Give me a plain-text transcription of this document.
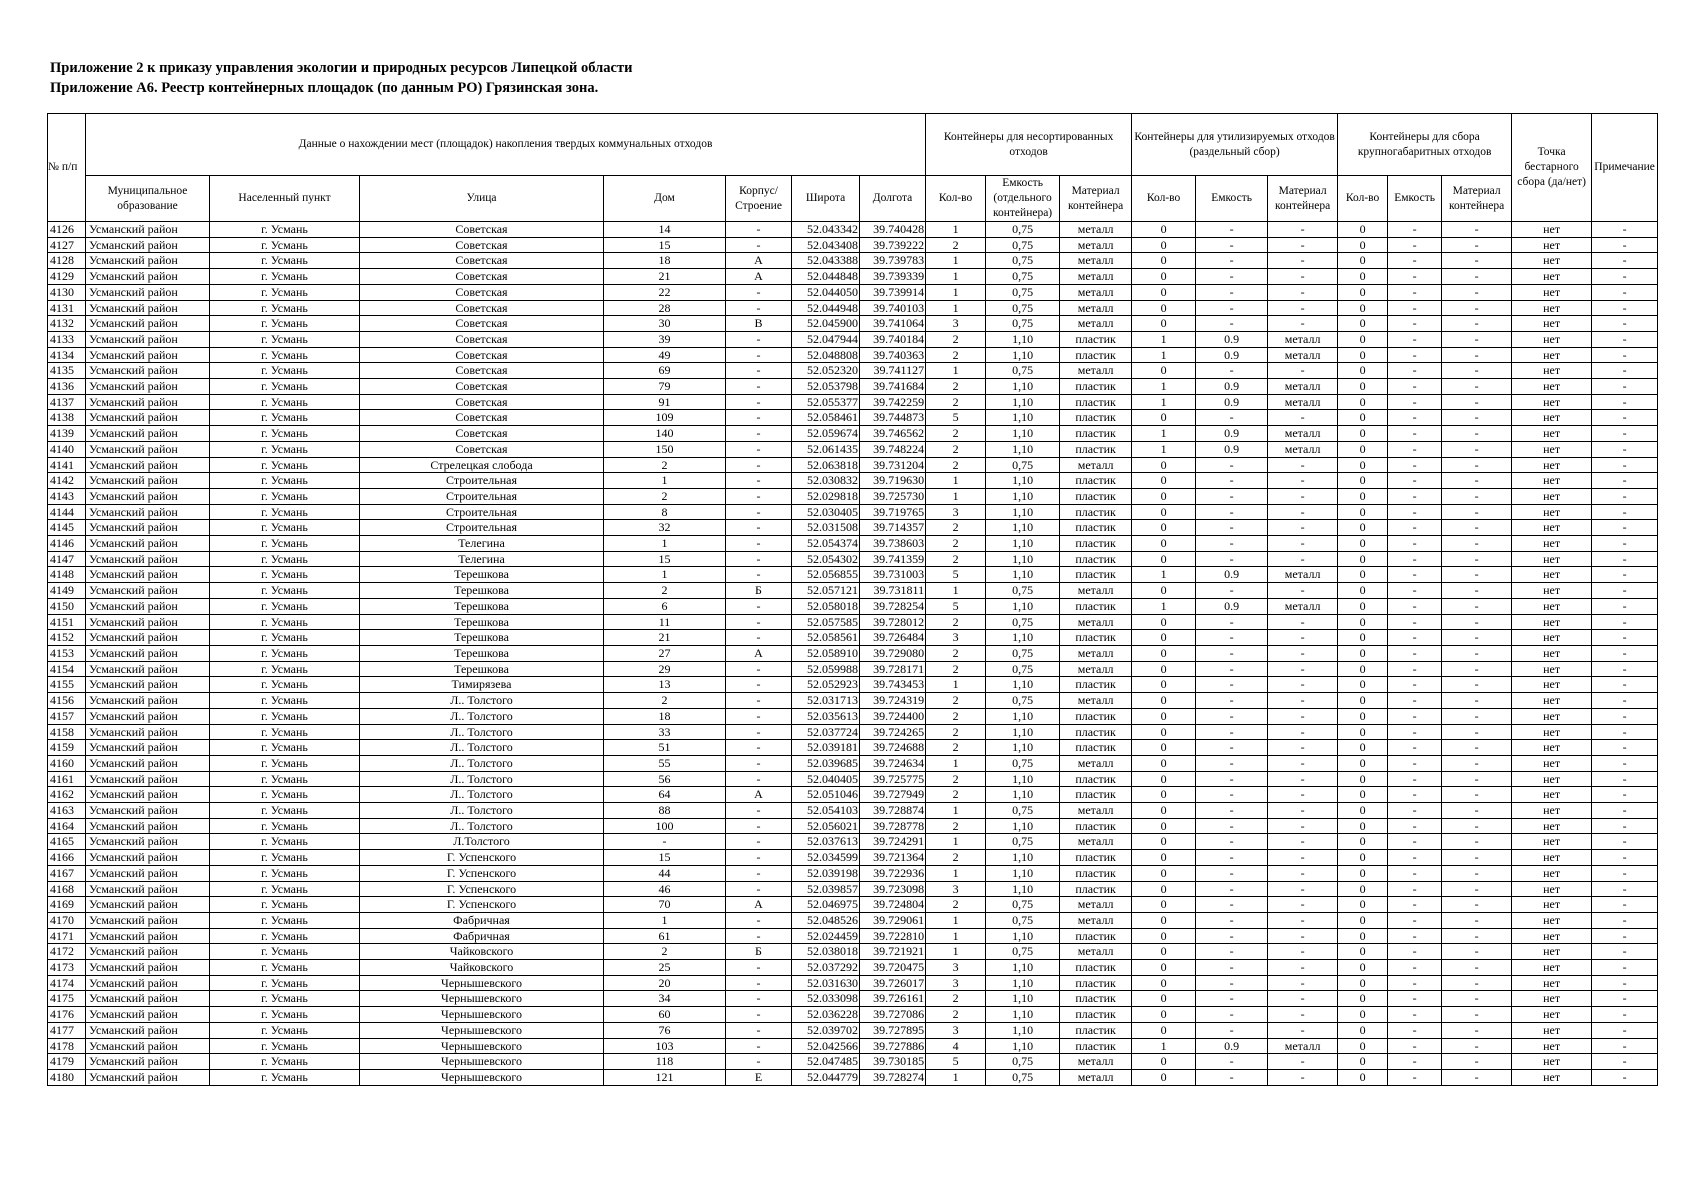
Приложение 2 к приказу управления экологии и природных ресурсов Липецкой области
Приложение А6. Реестр контейнерных площадок (по данным РО) Грязинская зона.
№ п/п	Данные о нахождении мест (площадок) накопления твердых коммунальных отходов							Контейнеры для несортированных отходов			Контейнеры для утилизируемых отходов (раздельный сбор)			Контейнеры для сбора крупногабаритных отходов			Точка бестарного сбора (да/нет)	Примечание
	Муниципальное образование	Населенный пункт	Улица	Дом	Корпус/ Строение	Широта	Долгота	Кол-во	Емкость (отдельного контейнера)	Материал контейнера	Кол-во	Емкость	Материал контейнера	Кол-во	Емкость	Материал контейнера		
4126	Усманский район	г. Усмань	Советская	14	-	52.043342	39.740428	1	0,75	металл	0	-	-	0	-	-	нет	-
4127	Усманский район	г. Усмань	Советская	15	-	52.043408	39.739222	2	0,75	металл	0	-	-	0	-	-	нет	-
4128	Усманский район	г. Усмань	Советская	18	А	52.043388	39.739783	1	0,75	металл	0	-	-	0	-	-	нет	-
4129	Усманский район	г. Усмань	Советская	21	А	52.044848	39.739339	1	0,75	металл	0	-	-	0	-	-	нет	-
4130	Усманский район	г. Усмань	Советская	22	-	52.044050	39.739914	1	0,75	металл	0	-	-	0	-	-	нет	-
4131	Усманский район	г. Усмань	Советская	28	-	52.044948	39.740103	1	0,75	металл	0	-	-	0	-	-	нет	-
4132	Усманский район	г. Усмань	Советская	30	В	52.045900	39.741064	3	0,75	металл	0	-	-	0	-	-	нет	-
4133	Усманский район	г. Усмань	Советская	39	-	52.047944	39.740184	2	1,10	пластик	1	0.9	металл	0	-	-	нет	-
4134	Усманский район	г. Усмань	Советская	49	-	52.048808	39.740363	2	1,10	пластик	1	0.9	металл	0	-	-	нет	-
4135	Усманский район	г. Усмань	Советская	69	-	52.052320	39.741127	1	0,75	металл	0	-	-	0	-	-	нет	-
4136	Усманский район	г. Усмань	Советская	79	-	52.053798	39.741684	2	1,10	пластик	1	0.9	металл	0	-	-	нет	-
4137	Усманский район	г. Усмань	Советская	91	-	52.055377	39.742259	2	1,10	пластик	1	0.9	металл	0	-	-	нет	-
4138	Усманский район	г. Усмань	Советская	109	-	52.058461	39.744873	5	1,10	пластик	0	-	-	0	-	-	нет	-
4139	Усманский район	г. Усмань	Советская	140	-	52.059674	39.746562	2	1,10	пластик	1	0.9	металл	0	-	-	нет	-
4140	Усманский район	г. Усмань	Советская	150	-	52.061435	39.748224	2	1,10	пластик	1	0.9	металл	0	-	-	нет	-
4141	Усманский район	г. Усмань	Стрелецкая слобода	2	-	52.063818	39.731204	2	0,75	металл	0	-	-	0	-	-	нет	-
4142	Усманский район	г. Усмань	Строительная	1	-	52.030832	39.719630	1	1,10	пластик	0	-	-	0	-	-	нет	-
4143	Усманский район	г. Усмань	Строительная	2	-	52.029818	39.725730	1	1,10	пластик	0	-	-	0	-	-	нет	-
4144	Усманский район	г. Усмань	Строительная	8	-	52.030405	39.719765	3	1,10	пластик	0	-	-	0	-	-	нет	-
4145	Усманский район	г. Усмань	Строительная	32	-	52.031508	39.714357	2	1,10	пластик	0	-	-	0	-	-	нет	-
4146	Усманский район	г. Усмань	Телегина	1	-	52.054374	39.738603	2	1,10	пластик	0	-	-	0	-	-	нет	-
4147	Усманский район	г. Усмань	Телегина	15	-	52.054302	39.741359	2	1,10	пластик	0	-	-	0	-	-	нет	-
4148	Усманский район	г. Усмань	Терешкова	1	-	52.056855	39.731003	5	1,10	пластик	1	0.9	металл	0	-	-	нет	-
4149	Усманский район	г. Усмань	Терешкова	2	Б	52.057121	39.731811	1	0,75	металл	0	-	-	0	-	-	нет	-
4150	Усманский район	г. Усмань	Терешкова	6	-	52.058018	39.728254	5	1,10	пластик	1	0.9	металл	0	-	-	нет	-
4151	Усманский район	г. Усмань	Терешкова	11	-	52.057585	39.728012	2	0,75	металл	0	-	-	0	-	-	нет	-
4152	Усманский район	г. Усмань	Терешкова	21	-	52.058561	39.726484	3	1,10	пластик	0	-	-	0	-	-	нет	-
4153	Усманский район	г. Усмань	Терешкова	27	А	52.058910	39.729080	2	0,75	металл	0	-	-	0	-	-	нет	-
4154	Усманский район	г. Усмань	Терешкова	29	-	52.059988	39.728171	2	0,75	металл	0	-	-	0	-	-	нет	-
4155	Усманский район	г. Усмань	Тимирязева	13	-	52.052923	39.743453	1	1,10	пластик	0	-	-	0	-	-	нет	-
4156	Усманский район	г. Усмань	Л.. Толстого	2	-	52.031713	39.724319	2	0,75	металл	0	-	-	0	-	-	нет	-
4157	Усманский район	г. Усмань	Л.. Толстого	18	-	52.035613	39.724400	2	1,10	пластик	0	-	-	0	-	-	нет	-
4158	Усманский район	г. Усмань	Л.. Толстого	33	-	52.037724	39.724265	2	1,10	пластик	0	-	-	0	-	-	нет	-
4159	Усманский район	г. Усмань	Л.. Толстого	51	-	52.039181	39.724688	2	1,10	пластик	0	-	-	0	-	-	нет	-
4160	Усманский район	г. Усмань	Л.. Толстого	55	-	52.039685	39.724634	1	0,75	металл	0	-	-	0	-	-	нет	-
4161	Усманский район	г. Усмань	Л.. Толстого	56	-	52.040405	39.725775	2	1,10	пластик	0	-	-	0	-	-	нет	-
4162	Усманский район	г. Усмань	Л.. Толстого	64	А	52.051046	39.727949	2	1,10	пластик	0	-	-	0	-	-	нет	-
4163	Усманский район	г. Усмань	Л.. Толстого	88	-	52.054103	39.728874	1	0,75	металл	0	-	-	0	-	-	нет	-
4164	Усманский район	г. Усмань	Л.. Толстого	100	-	52.056021	39.728778	2	1,10	пластик	0	-	-	0	-	-	нет	-
4165	Усманский район	г. Усмань	Л.Толстого	-	-	52.037613	39.724291	1	0,75	металл	0	-	-	0	-	-	нет	-
4166	Усманский район	г. Усмань	Г. Успенского	15	-	52.034599	39.721364	2	1,10	пластик	0	-	-	0	-	-	нет	-
4167	Усманский район	г. Усмань	Г. Успенского	44	-	52.039198	39.722936	1	1,10	пластик	0	-	-	0	-	-	нет	-
4168	Усманский район	г. Усмань	Г. Успенского	46	-	52.039857	39.723098	3	1,10	пластик	0	-	-	0	-	-	нет	-
4169	Усманский район	г. Усмань	Г. Успенского	70	А	52.046975	39.724804	2	0,75	металл	0	-	-	0	-	-	нет	-
4170	Усманский район	г. Усмань	Фабричная	1	-	52.048526	39.729061	1	0,75	металл	0	-	-	0	-	-	нет	-
4171	Усманский район	г. Усмань	Фабричная	61	-	52.024459	39.722810	1	1,10	пластик	0	-	-	0	-	-	нет	-
4172	Усманский район	г. Усмань	Чайковского	2	Б	52.038018	39.721921	1	0,75	металл	0	-	-	0	-	-	нет	-
4173	Усманский район	г. Усмань	Чайковского	25	-	52.037292	39.720475	3	1,10	пластик	0	-	-	0	-	-	нет	-
4174	Усманский район	г. Усмань	Чернышевского	20	-	52.031630	39.726017	3	1,10	пластик	0	-	-	0	-	-	нет	-
4175	Усманский район	г. Усмань	Чернышевского	34	-	52.033098	39.726161	2	1,10	пластик	0	-	-	0	-	-	нет	-
4176	Усманский район	г. Усмань	Чернышевского	60	-	52.036228	39.727086	2	1,10	пластик	0	-	-	0	-	-	нет	-
4177	Усманский район	г. Усмань	Чернышевского	76	-	52.039702	39.727895	3	1,10	пластик	0	-	-	0	-	-	нет	-
4178	Усманский район	г. Усмань	Чернышевского	103	-	52.042566	39.727886	4	1,10	пластик	1	0.9	металл	0	-	-	нет	-
4179	Усманский район	г. Усмань	Чернышевского	118	-	52.047485	39.730185	5	0,75	металл	0	-	-	0	-	-	нет	-
4180	Усманский район	г. Усмань	Чернышевского	121	Е	52.044779	39.728274	1	0,75	металл	0	-	-	0	-	-	нет	-
